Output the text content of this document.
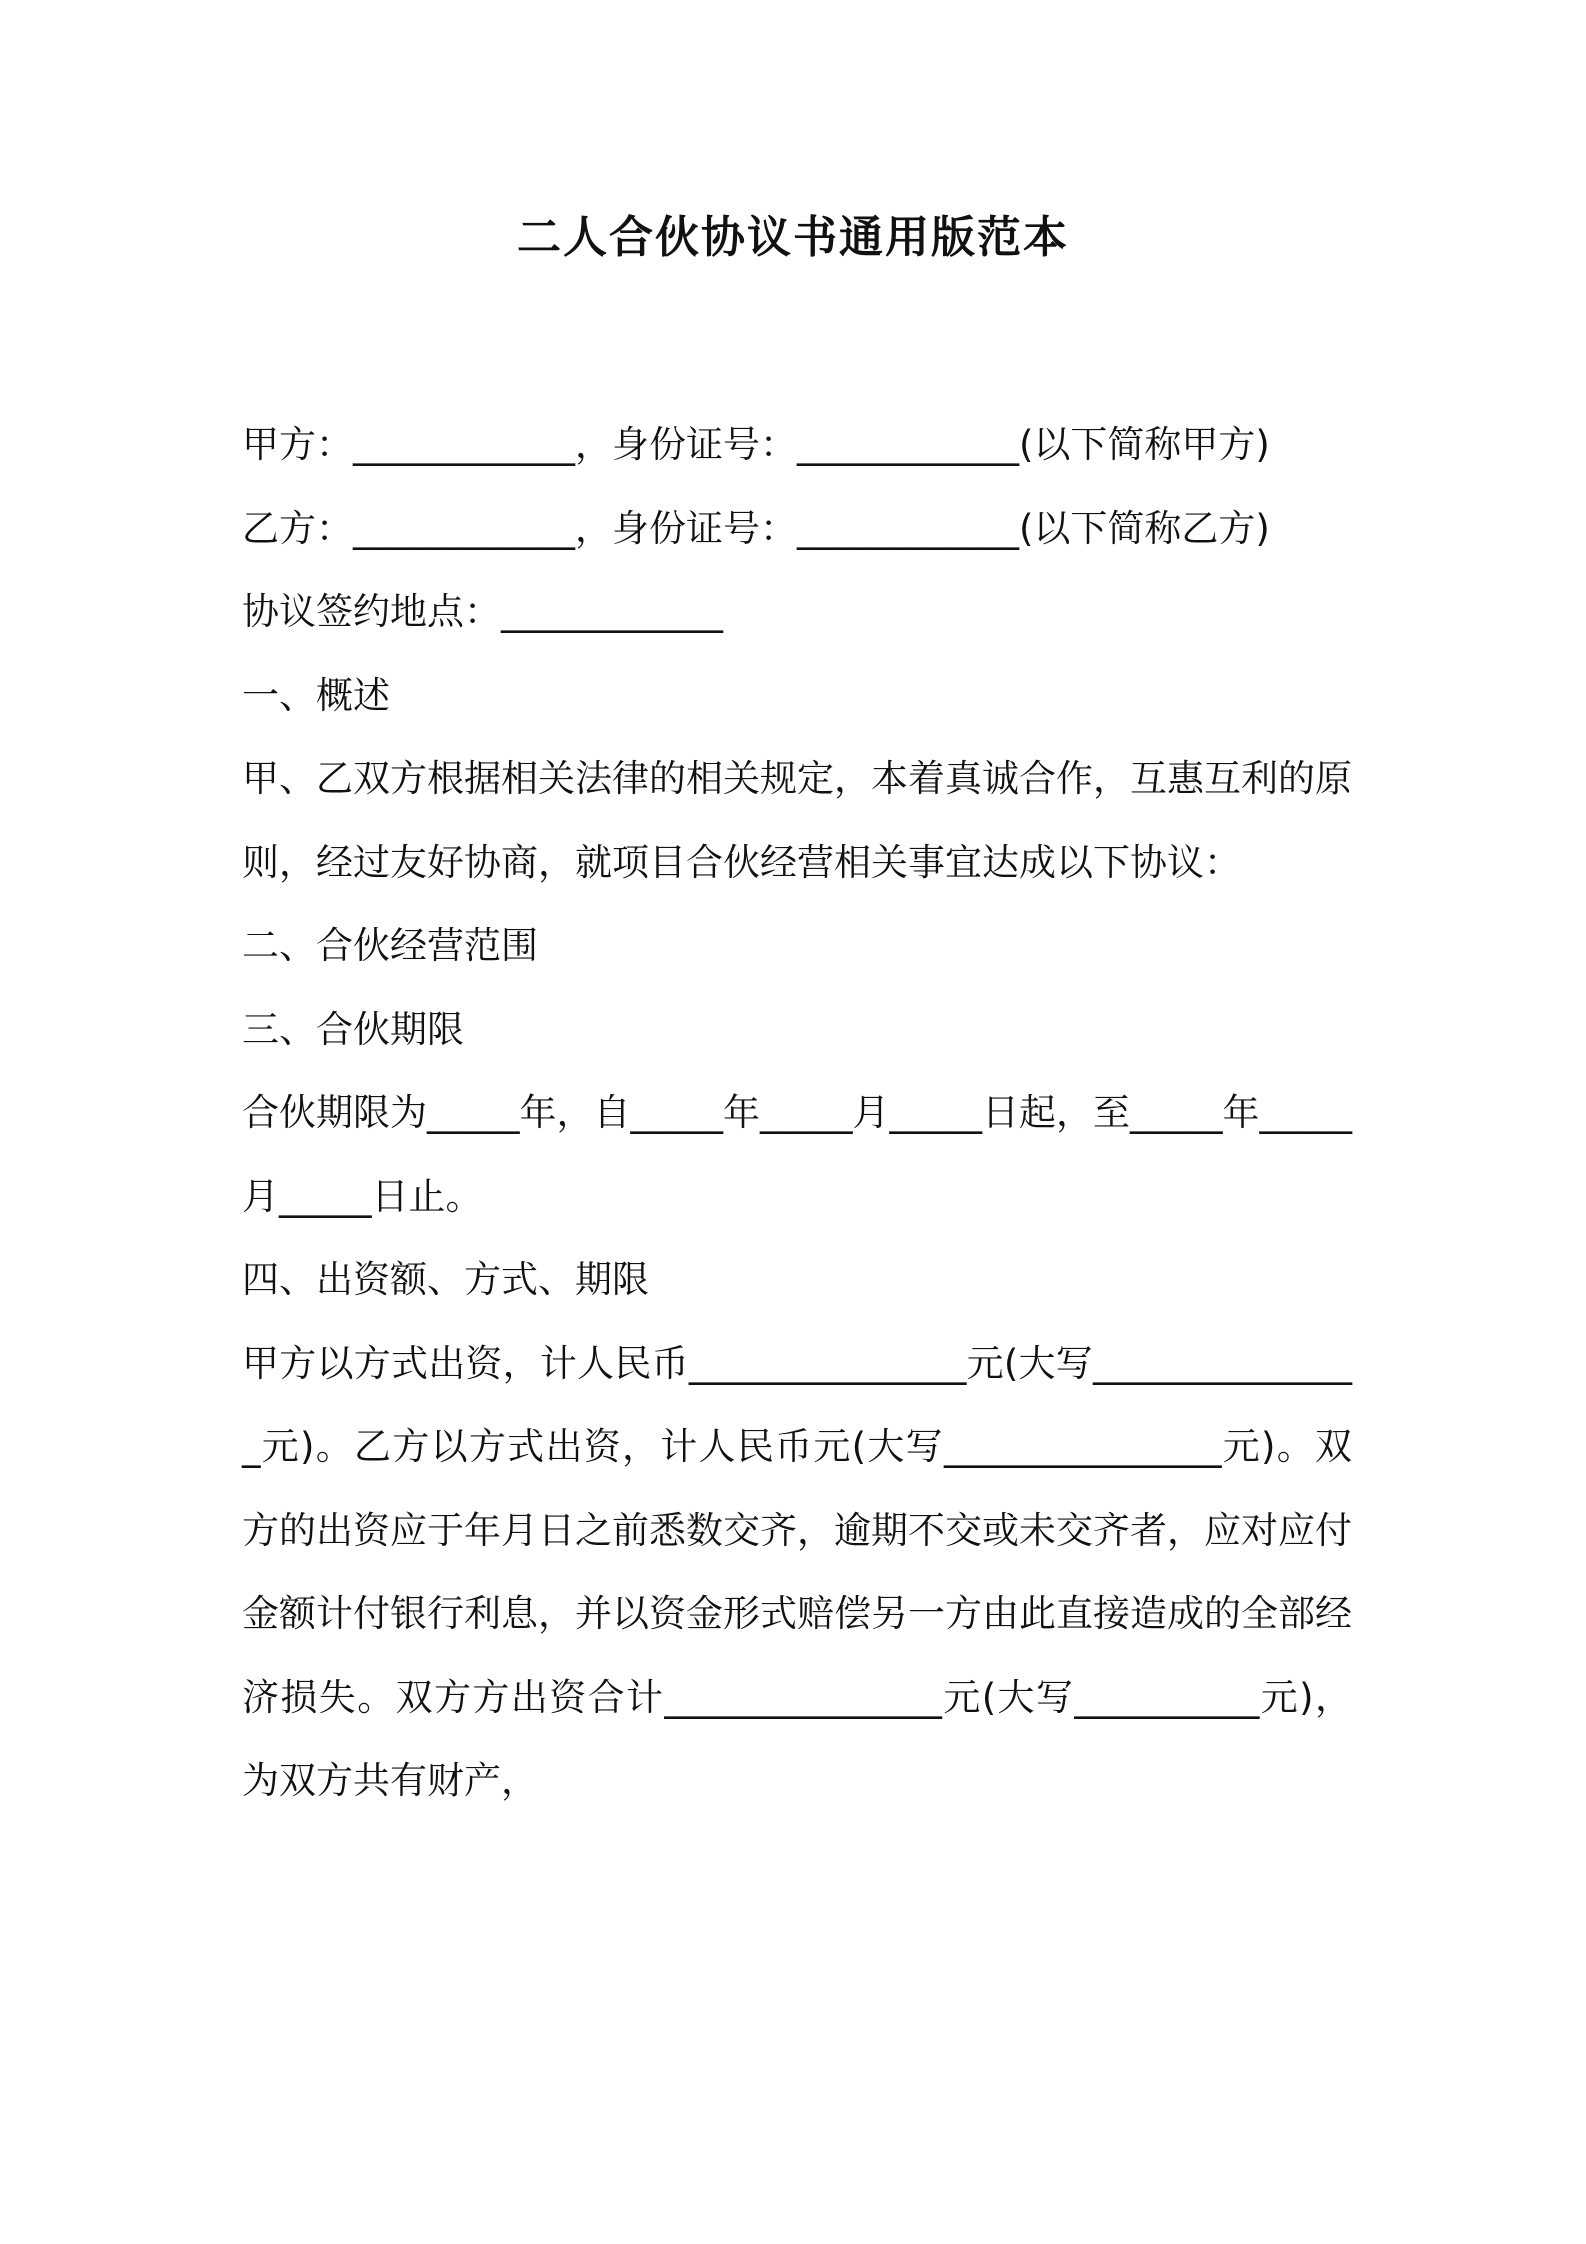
二人合伙协议书通用版范本

甲方：____________，身份证号：____________(以下简称甲方)

乙方：____________，身份证号：____________(以下简称乙方)

协议签约地点：____________

一、概述

甲、乙双方根据相关法律的相关规定，本着真诚合作，互惠互利的原则，经过友好协商，就项目合伙经营相关事宜达成以下协议：

二、合伙经营范围

三、合伙期限

合伙期限为_____年，自_____年_____月_____日起，至_____年_____月_____日止。

四、出资额、方式、期限

甲方以方式出资，计人民币_______________元(大写_______________元)。乙方以方式出资，计人民币元(大写_______________元)。双方的出资应于年月日之前悉数交齐，逾期不交或未交齐者，应对应付金额计付银行利息，并以资金形式赔偿另一方由此直接造成的全部经济损失。双方方出资合计_______________元(大写__________元)，为双方共有财产，
